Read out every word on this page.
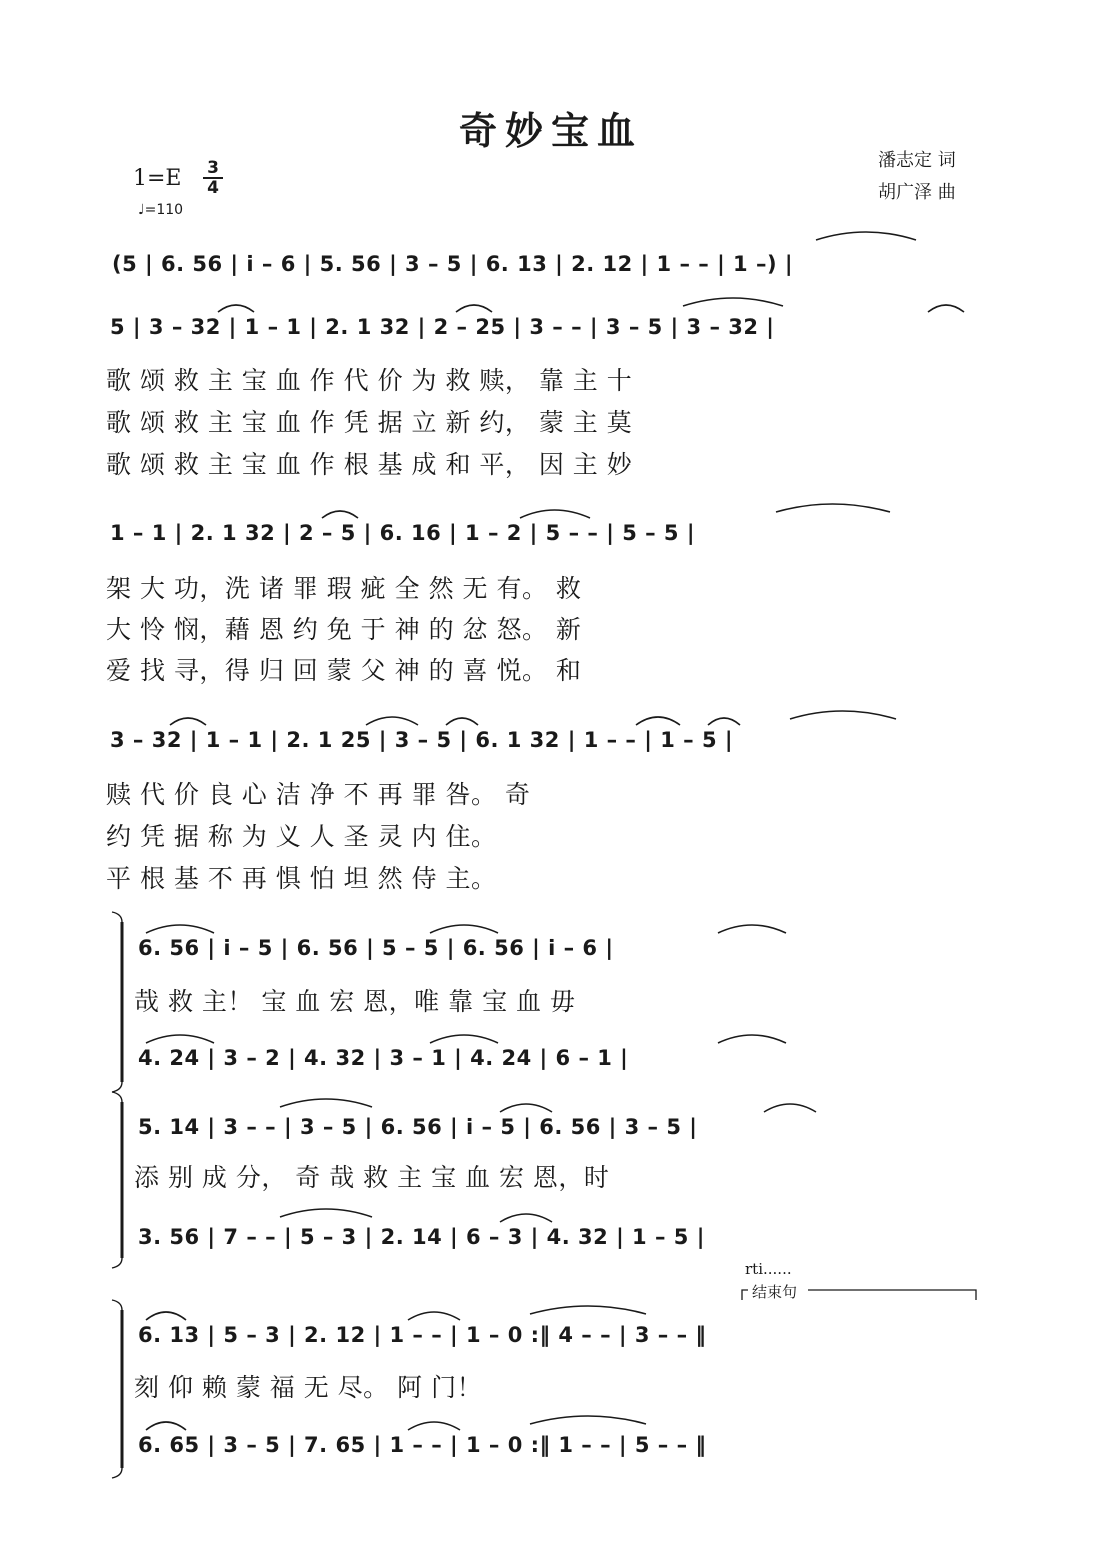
奇妙宝血
潘志定 词
胡广泽 曲
1=E 3
4
♩=110
(5 | 6. 56 | i̇ – 6 | 5. 56 | 3 – 5 | 6. 13 | 2. 12 | 1 – – | 1 –) |
5 | 3 – 32 | 1 – 1 | 2. 1 32 | 2 – 25 | 3 – – | 3 – 5 | 3 – 32 |
歌 颂 救 主 宝 血 作 代 价 为 救 赎， 靠 主 十
歌 颂 救 主 宝 血 作 凭 据 立 新 约， 蒙 主 莫
歌 颂 救 主 宝 血 作 根 基 成 和 平， 因 主 妙
1 – 1 | 2. 1 32 | 2 – 5 | 6. 16 | 1 – 2 | 5 – – | 5 – 5 |
架 大 功，洗 诸 罪 瑕 疵 全 然 无 有。 救
大 怜 悯，藉 恩 约 免 于 神 的 忿 怒。 新
爱 找 寻，得 归 回 蒙 父 神 的 喜 悦。 和
3 – 32 | 1 – 1 | 2. 1 25 | 3 – 5 | 6. 1 32 | 1 – – | 1 – 5 |
赎 代 价 良 心 洁 净 不 再 罪 咎。 奇
约 凭 据 称 为 义 人 圣 灵 内 住。
平 根 基 不 再 惧 怕 坦 然 侍 主。
6. 56 | i̇ – 5 | 6. 56 | 5 – 5 | 6. 56 | i̇ – 6 |
哉 救 主！ 宝 血 宏 恩，唯 靠 宝 血 毋
4. 24 | 3 – 2 | 4. 32 | 3 – 1 | 4. 24 | 6 – 1 |
5. 14 | 3 – – | 3 – 5 | 6. 56 | i̇ – 5 | 6. 56 | 3 – 5 |
添 别 成 分， 奇 哉 救 主 宝 血 宏 恩，时
3. 56 | 7 – – | 5 – 3 | 2. 14 | 6 – 3 | 4. 32 | 1 – 5 |
rti......
结束句
6. 13 | 5 – 3 | 2. 12 | 1 – – | 1 – 0 :‖ 4 – – | 3 – – ‖
刻 仰 赖 蒙 福 无 尽。 阿 门！
6. 65 | 3 – 5 | 7. 65 | 1 – – | 1 – 0 :‖ 1 – – | 5 – – ‖
